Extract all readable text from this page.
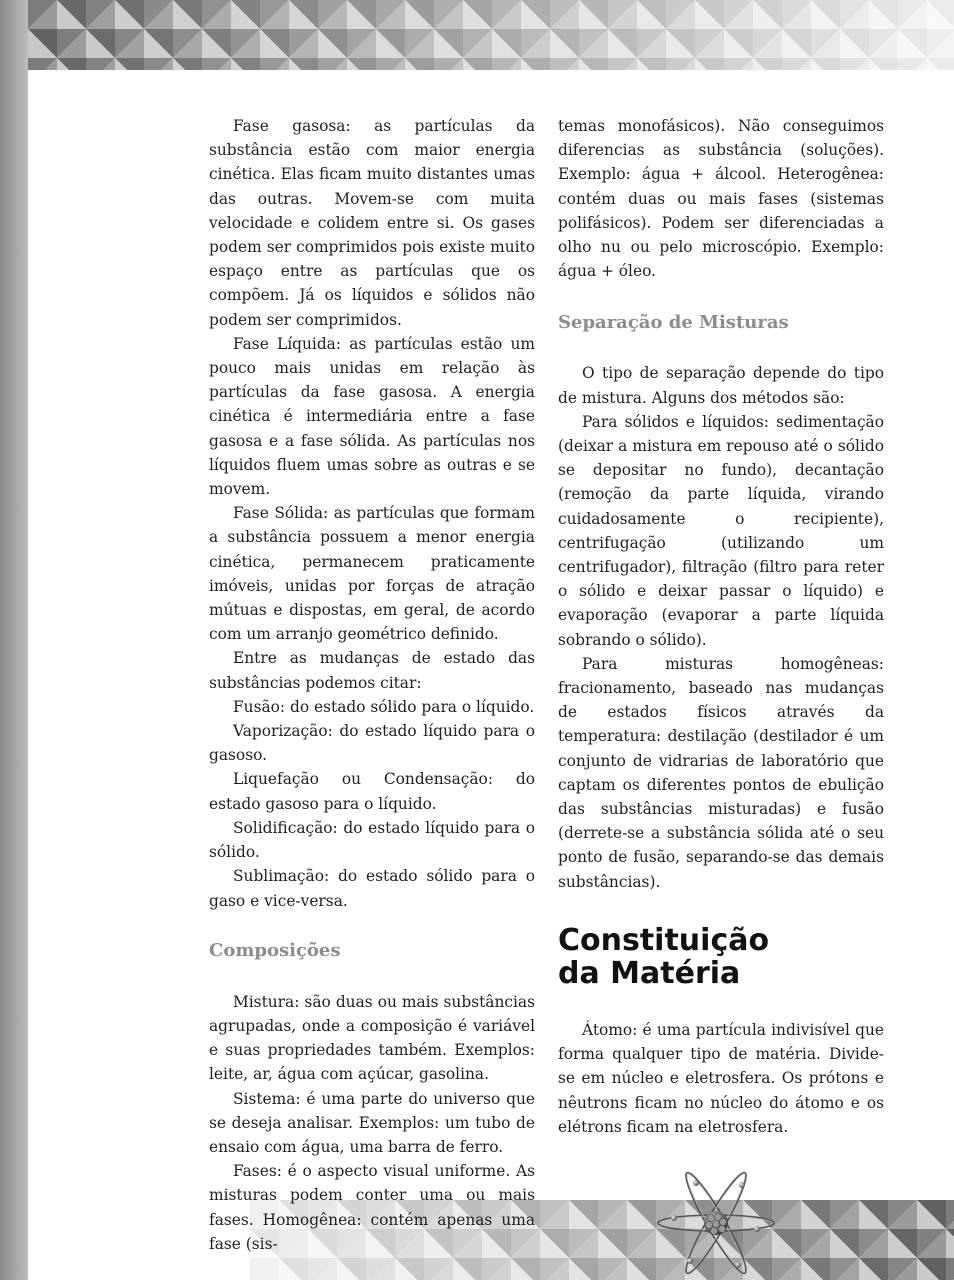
Fase gasosa: as partículas da substância estão com maior energia cinética. Elas ficam muito distantes umas das outras. Movem-se com muita velocidade e colidem entre si. Os gases podem ser comprimidos pois existe muito espaço entre as partículas que os compõem. Já os líquidos e sólidos não podem ser comprimidos.

Fase Líquida: as partículas estão um pouco mais unidas em relação às partículas da fase gasosa. A energia cinética é intermediária entre a fase gasosa e a fase sólida. As partículas nos líquidos fluem umas sobre as outras e se movem.

Fase Sólida: as partículas que formam a substância possuem a menor energia cinética, permanecem praticamente imóveis, unidas por forças de atração mútuas e dispostas, em geral, de acordo com um arranjo geométrico definido.

Entre as mudanças de estado das substâncias podemos citar:

Fusão: do estado sólido para o líquido.

Vaporização: do estado líquido para o gasoso.

Liquefação ou Condensação: do estado gasoso para o líquido.

Solidificação: do estado líquido para o sólido.

Sublimação: do estado sólido para o gaso e vice-versa.

Composições

Mistura: são duas ou mais substâncias agrupadas, onde a composição é variável e suas propriedades também. Exemplos: leite, ar, água com açúcar, gasolina.

Sistema: é uma parte do universo que se deseja analisar. Exemplos: um tubo de ensaio com água, uma barra de ferro.

Fases: é o aspecto visual uniforme. As misturas podem conter uma ou mais fases. Homogênea: contém apenas uma fase (sis-

temas monofásicos). Não conseguimos diferencias as substância (soluções). Exemplo: água + álcool. Heterogênea: contém duas ou mais fases (sistemas polifásicos). Podem ser diferenciadas a olho nu ou pelo microscópio. Exemplo: água + óleo.

Separação de Misturas

O tipo de separação depende do tipo de mistura. Alguns dos métodos são:

Para sólidos e líquidos: sedimentação (deixar a mistura em repouso até o sólido se depositar no fundo), decantação (remoção da parte líquida, virando cuidadosamente o recipiente), centrifugação (utilizando um centrifugador), filtração (filtro para reter o sólido e deixar passar o líquido) e evaporação (evaporar a parte líquida sobrando o sólido).

Para misturas homogêneas: fracionamento, baseado nas mudanças de estados físicos através da temperatura: destilação (destilador é um conjunto de vidrarias de laboratório que captam os diferentes pontos de ebulição das substâncias misturadas) e fusão (derrete-se a substância sólida até o seu ponto de fusão, separando-se das demais substâncias).

Constituição
da Matéria

Átomo: é uma partícula indivisível que forma qualquer tipo de matéria. Divide-se em núcleo e eletrosfera. Os prótons e nêutrons ficam no núcleo do átomo e os elétrons ficam na eletrosfera.
